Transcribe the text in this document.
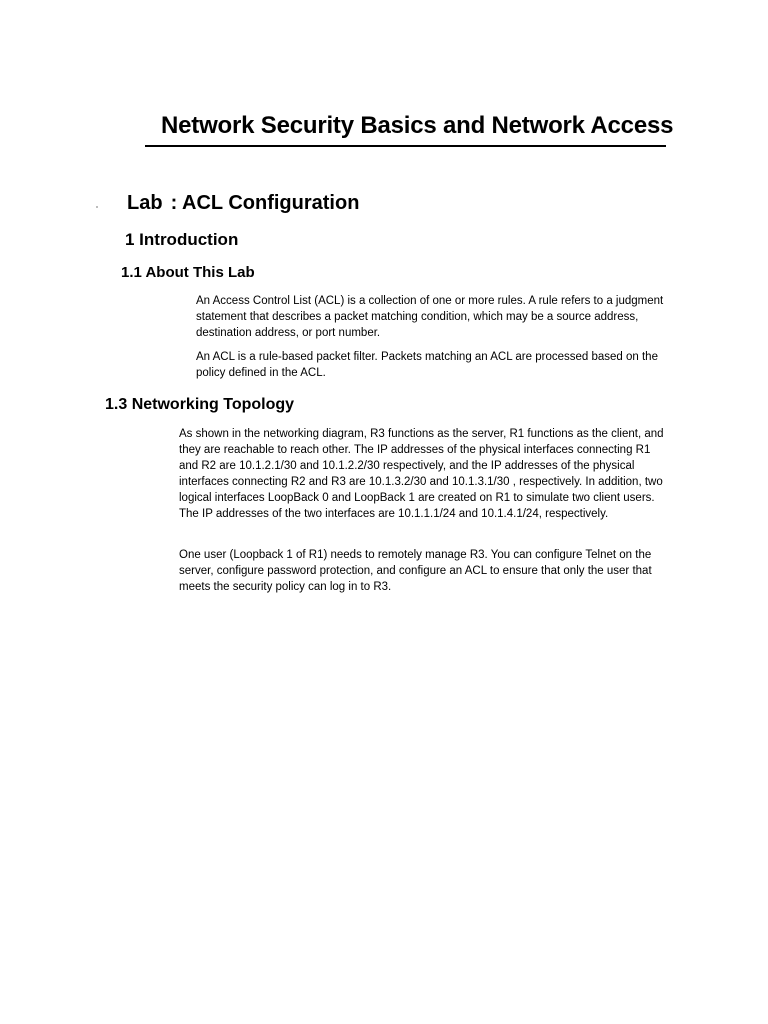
Network Security Basics and Network Access
Lab : ACL Configuration
1 Introduction
1.1 About This Lab

An Access Control List (ACL) is a collection of one or more rules. A rule refers to a judgment statement that describes a packet matching condition, which may be a source address, destination address, or port number.

An ACL is a rule-based packet filter. Packets matching an ACL are processed based on the policy defined in the ACL.

1.3 Networking Topology

As shown in the networking diagram, R3 functions as the server, R1 functions as the client, and they are reachable to reach other. The IP addresses of the physical interfaces connecting R1 and R2 are 10.1.2.1/30 and 10.1.2.2/30 respectively, and the IP addresses of the physical interfaces connecting R2 and R3 are 10.1.3.2/30 and 10.1.3.1/30 , respectively. In addition, two logical interfaces LoopBack 0 and LoopBack 1 are created on R1 to simulate two client users. The IP addresses of the two interfaces are 10.1.1.1/24 and 10.1.4.1/24, respectively.

One user (Loopback 1 of R1) needs to remotely manage R3. You can configure Telnet on the server, configure password protection, and configure an ACL to ensure that only the user that meets the security policy can log in to R3.
